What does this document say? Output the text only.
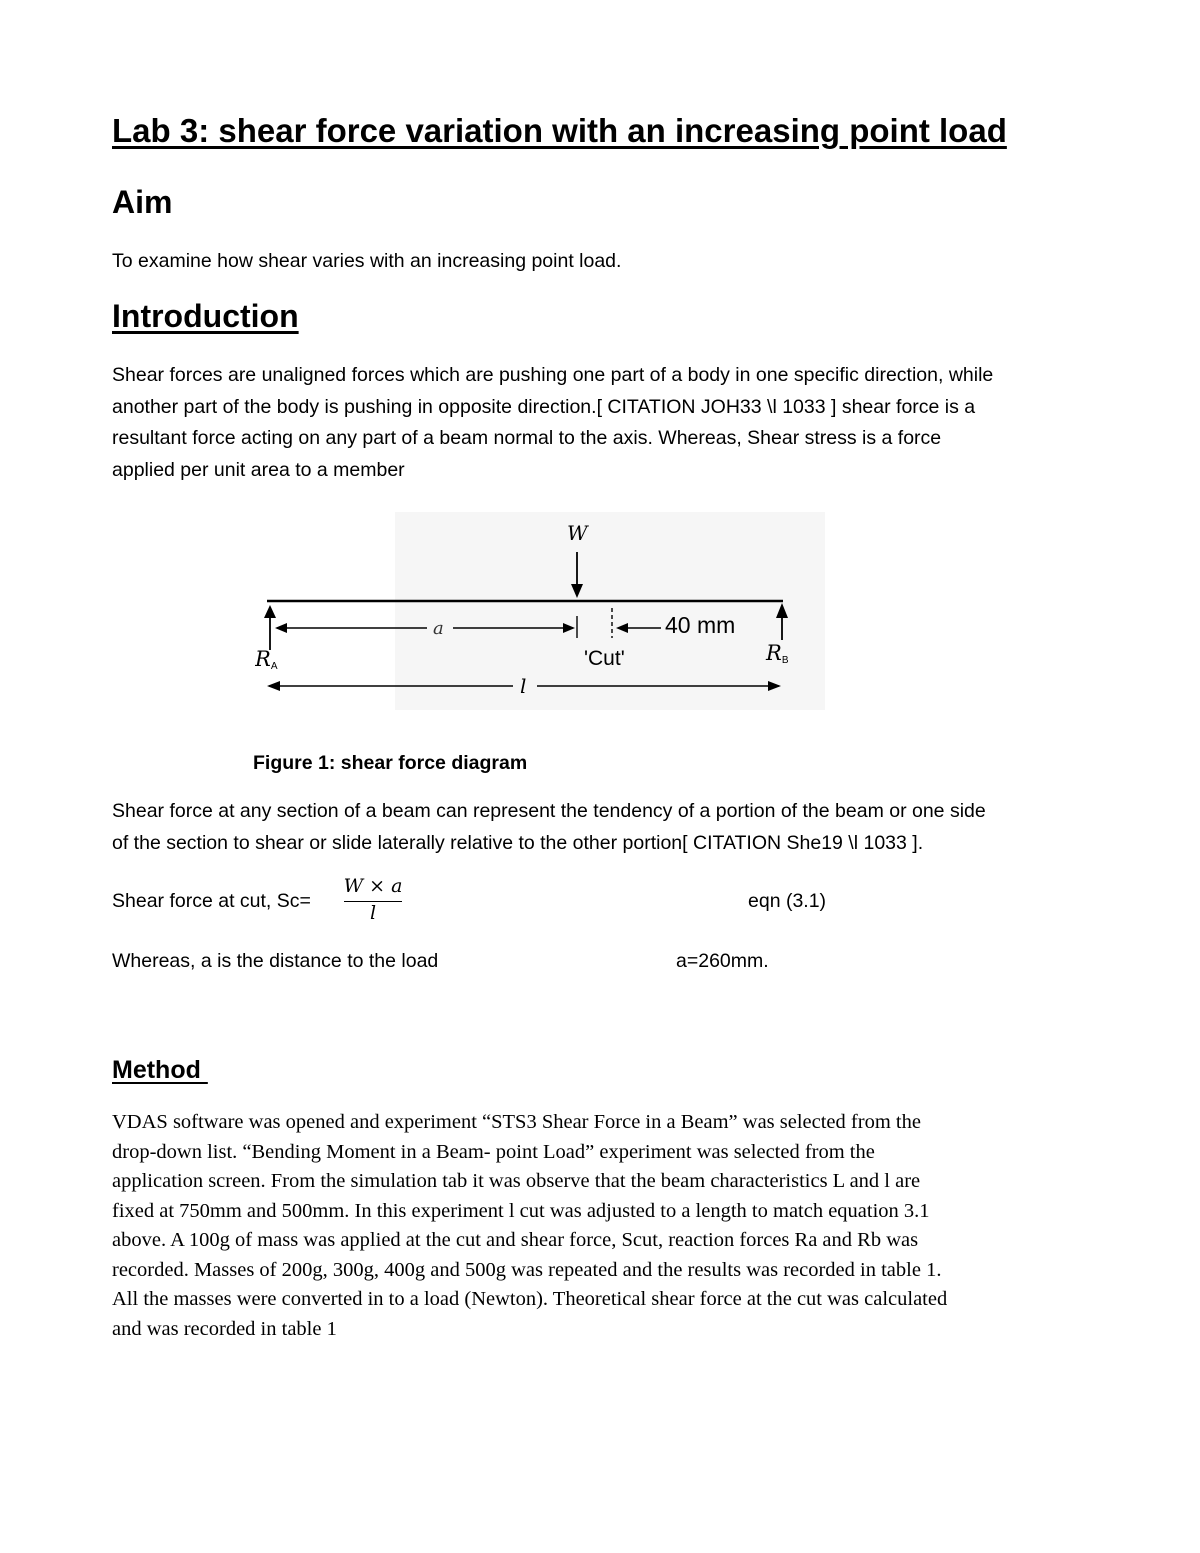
Lab 3: shear force variation with an increasing point load
Aim
To examine how shear varies with an increasing point load.
Introduction
Shear forces are unaligned forces which are pushing one part of a body in one specific direction, while
another part of the body is pushing in opposite direction.[ CITATION JOH33 \l 1033 ] shear force is a
resultant force acting on any part of a beam normal to the axis. Whereas, Shear stress is a force
applied per unit area to a member
W
a	40 mm
'Cut'
RA
RB
l
Figure 1: shear force diagram
Shear force at any section of a beam can represent the tendency of a portion of the beam or one side
of the section to shear or slide laterally relative to the other portion[ CITATION She19 \l 1033 ].
Shear force at cut, Sc=
W × a
l
eqn (3.1)
Whereas, a is the distance to the load	a=260mm.
Method
VDAS software was opened and experiment “STS3 Shear Force in a Beam” was selected from the
drop-down list. “Bending Moment in a Beam- point Load” experiment was selected from the
application screen. From the simulation tab it was observe that the beam characteristics L and l are
fixed at 750mm and 500mm. In this experiment l cut was adjusted to a length to match equation 3.1
above. A 100g of mass was applied at the cut and shear force, Scut, reaction forces Ra and Rb was
recorded. Masses of 200g, 300g, 400g and 500g was repeated and the results was recorded in table 1.
All the masses were converted in to a load (Newton). Theoretical shear force at the cut was calculated
and was recorded in table 1
